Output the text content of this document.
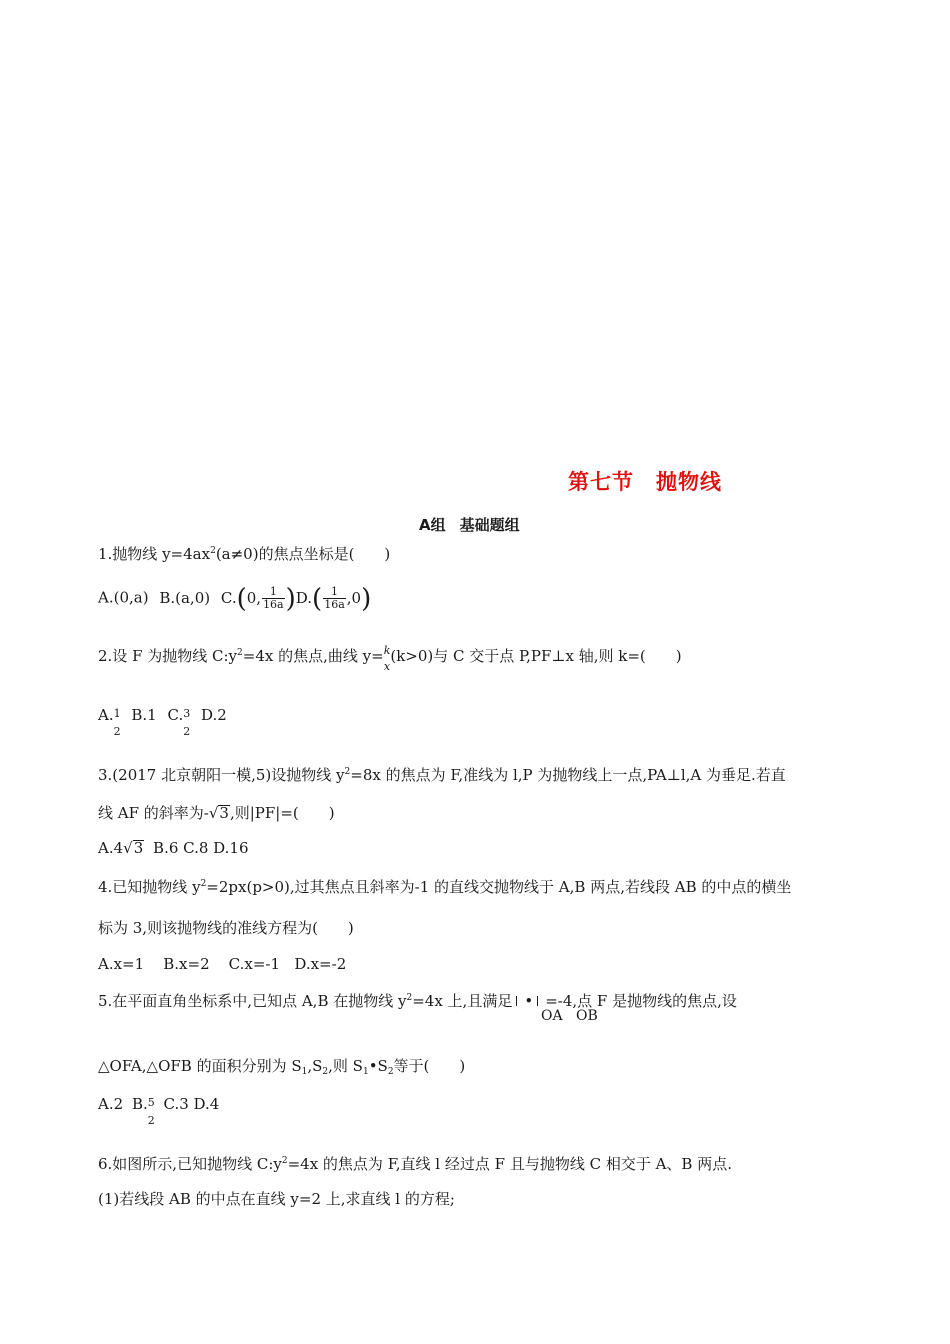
第七节 抛物线
A组 基础题组
1.抛物线 $y=4ax^2(a\ne 0)$的焦点坐标是(　　)
A.(0,a) B.(a,0) C.(0, $\frac{1}{16a} )D.( \frac{1}{16a} ,0)$
2.设 F 为抛物线 $C:y^2=4x$ 的焦点,曲线 y= k
x
(k>0)与 C 交于点 P,PF⊥x 轴,则 k=(　　)
A. 1
2
B.1 C. 3
2
D.2
3.(2017 北京朝阳一模,5)设抛物线 $y^2=8x$ 的焦点为 F,准线为 l,P 为抛物线上一点,PA⊥l,A 为垂足.若直
线 AF 的斜率为-√3,则|PF|=(　　)
A.4√3 B.6 C.8 D.16
4.已知抛物线 $y^2=2px(p>0)$,过其焦点且斜率为-1 的直线交抛物线于 A,B 两点,若线段 AB 的中点的横坐
标为 3,则该抛物线的准线方程为(　　)
A.x=1    B.x=2    C.x=-1   D.x=-2
5.在平面直角坐标系中,已知点 A,B 在抛物线 $y^2=4x$ 上,且满足 • =-4,点 F 是抛物线的焦点,设
OA OB
△OFA,△OFB 的面积分别为 $S_1,S_2$,则 $S_1•S_2$等于(　　)
A.2 B. 5
2
C.3 D.4
6.如图所示,已知抛物线 $C:y^2=4x$ 的焦点为 F,直线 l 经过点 F 且与抛物线 C 相交于 A、B 两点.
(1)若线段 AB 的中点在直线 y=2 上,求直线 l 的方程;
